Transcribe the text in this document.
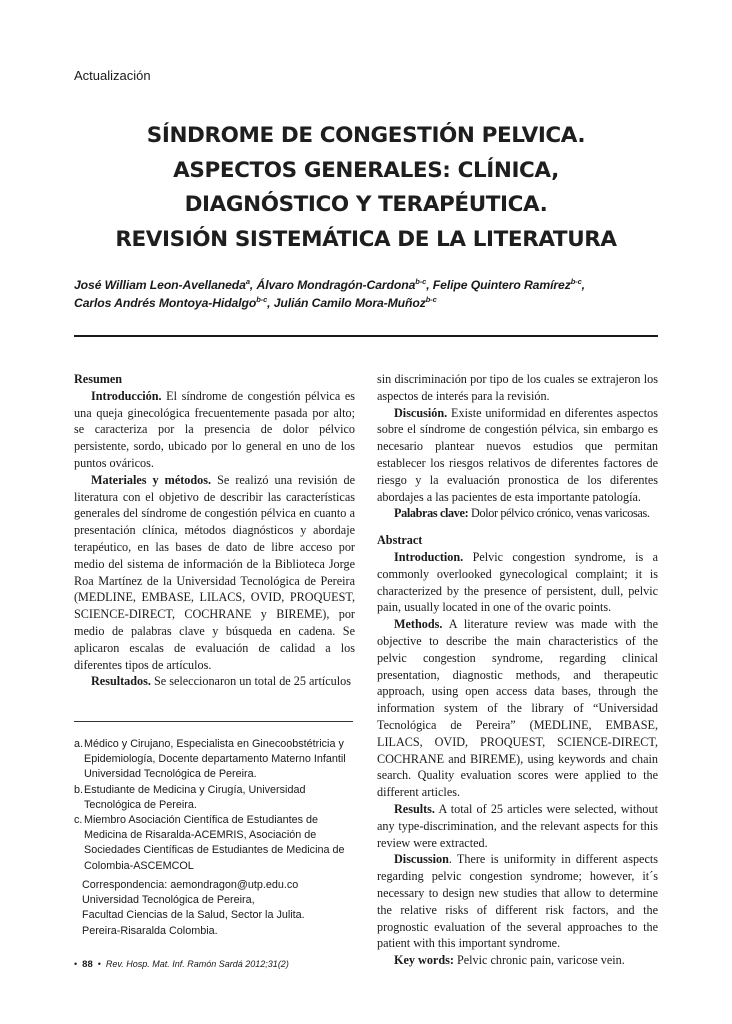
Actualización
SÍNDROME DE CONGESTIÓN PELVICA.
ASPECTOS GENERALES: CLÍNICA,
DIAGNÓSTICO Y TERAPÉUTICA.
REVISIÓN SISTEMÁTICA DE LA LITERATURA
José William Leon-Avellaneda$^a$, Álvaro Mondragón-Cardona$^{b-c}$, Felipe Quintero Ramírez$^{b-c}$,
Carlos Andrés Montoya-Hidalgo$^{b-c}$, Julián Camilo Mora-Muñoz$^{b-c}$

Resumen

Introducción. El síndrome de congestión pélvica es una queja ginecológica frecuentemente pasada por alto; se caracteriza por la presencia de dolor pélvico persistente, sordo, ubicado por lo general en uno de los puntos ováricos.

Materiales y métodos. Se realizó una revisión de literatura con el objetivo de describir las características generales del síndrome de congestión pélvica en cuanto a presentación clínica, métodos diagnósticos y abordaje terapéutico, en las bases de dato de libre acceso por medio del sistema de información de la Biblioteca Jorge Roa Martínez de la Universidad Tecnológica de Pereira (MEDLINE, EMBASE, LILACS, OVID, PROQUEST, SCIENCE-DIRECT, COCHRANE y BIREME), por medio de palabras clave y búsqueda en cadena. Se aplicaron escalas de evaluación de calidad a los diferentes tipos de artículos.

Resultados. Se seleccionaron un total de 25 artículos

sin discriminación por tipo de los cuales se extrajeron los aspectos de interés para la revisión.

Discusión. Existe uniformidad en diferentes aspectos sobre el síndrome de congestión pélvica, sin embargo es necesario plantear nuevos estudios que permitan establecer los riesgos relativos de diferentes factores de riesgo y la evaluación pronostica de los diferentes abordajes a las pacientes de esta importante patología.

Palabras clave: Dolor pélvico crónico, venas varicosas.

Abstract

Introduction. Pelvic congestion syndrome, is a commonly overlooked gynecological complaint; it is characterized by the presence of persistent, dull, pelvic pain, usually located in one of the ovaric points.

Methods. A literature review was made with the objective to describe the main characteristics of the pelvic congestion syndrome, regarding clinical presentation, diagnostic methods, and therapeutic approach, using open access data bases, through the information system of the library of “Universidad Tecnológica de Pereira” (MEDLINE, EMBASE, LILACS, OVID, PROQUEST, SCIENCE-DIRECT, COCHRANE and BIREME), using keywords and chain search. Quality evaluation scores were applied to the different articles.

Results. A total of 25 articles were selected, without any type-discrimination, and the relevant aspects for this review were extracted.

Discussion. There is uniformity in different aspects regarding pelvic congestion syndrome; however, it´s necessary to design new studies that allow to determine the relative risks of different risk factors, and the prognostic evaluation of the several approaches to the patient with this important syndrome.

Key words: Pelvic chronic pain, varicose vein.

a. Médico y Cirujano, Especialista en Ginecoobstétricia y Epidemiología, Docente departamento Materno Infantil Universidad Tecnológica de Pereira.
b. Estudiante de Medicina y Cirugía, Universidad Tecnológica de Pereira.
c. Miembro Asociación Científica de Estudiantes de Medicina de Risaralda-ACEMRIS, Asociación de Sociedades Científicas de Estudiantes de Medicina de Colombia-ASCEMCOL
Correspondencia: aemondragon@utp.edu.co
Universidad Tecnológica de Pereira,
Facultad Ciencias de la Salud, Sector la Julita.
Pereira-Risaralda Colombia.
• 88 • Rev. Hosp. Mat. Inf. Ramón Sardá 2012;31(2)
